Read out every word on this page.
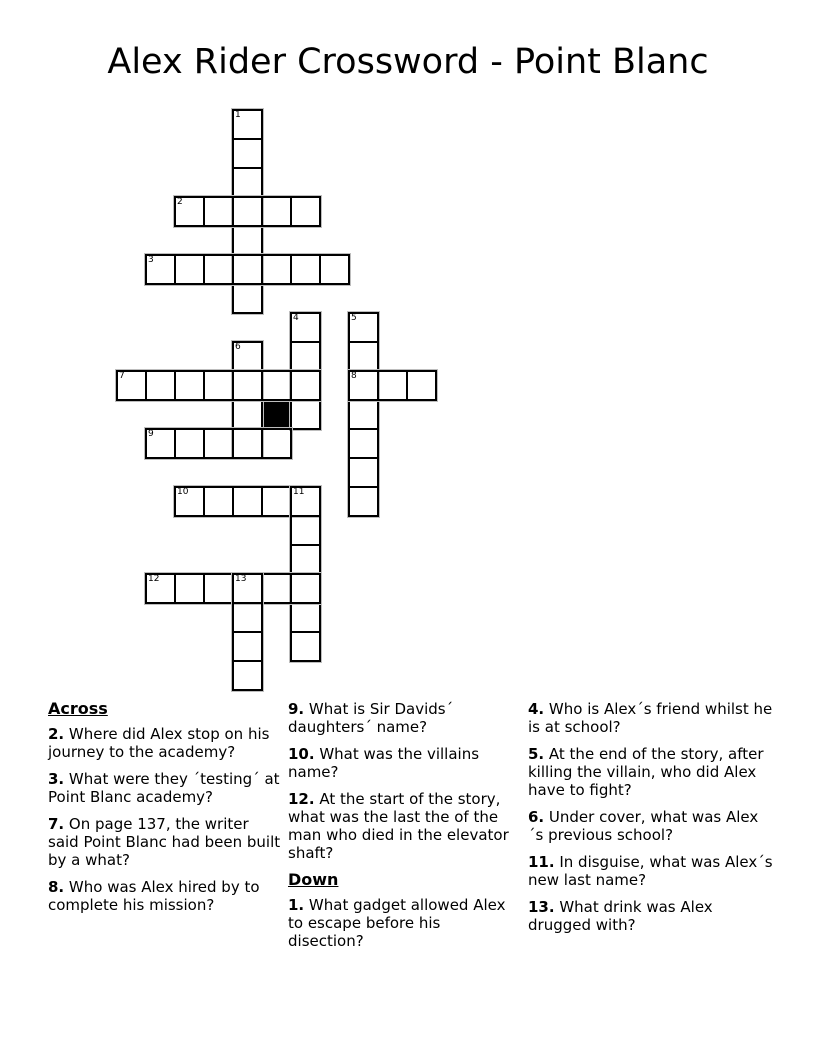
Alex Rider Crossword - Point Blanc
1
2
3
4	5
8
6
7
9
10	11
12	13
Across

2. Where did Alex stop on his journey to the academy?

3. What were they ´testing´ at Point Blanc academy?

7. On page 137, the writer said Point Blanc had been built by a what?

8. Who was Alex hired by to complete his mission?

9. What is Sir Davids´ daughters´ name?

10. What was the villains name?

12. At the start of the story, what was the last the of the man who died in the elevator shaft?

Down

1. What gadget allowed Alex to escape before his disection?

4. Who is Alex´s friend whilst he is at school?

5. At the end of the story, after killing the villain, who did Alex have to fight?

6. Under cover, what was Alex´s previous school?

11. In disguise, what was Alex´s new last name?

13. What drink was Alex drugged with?
